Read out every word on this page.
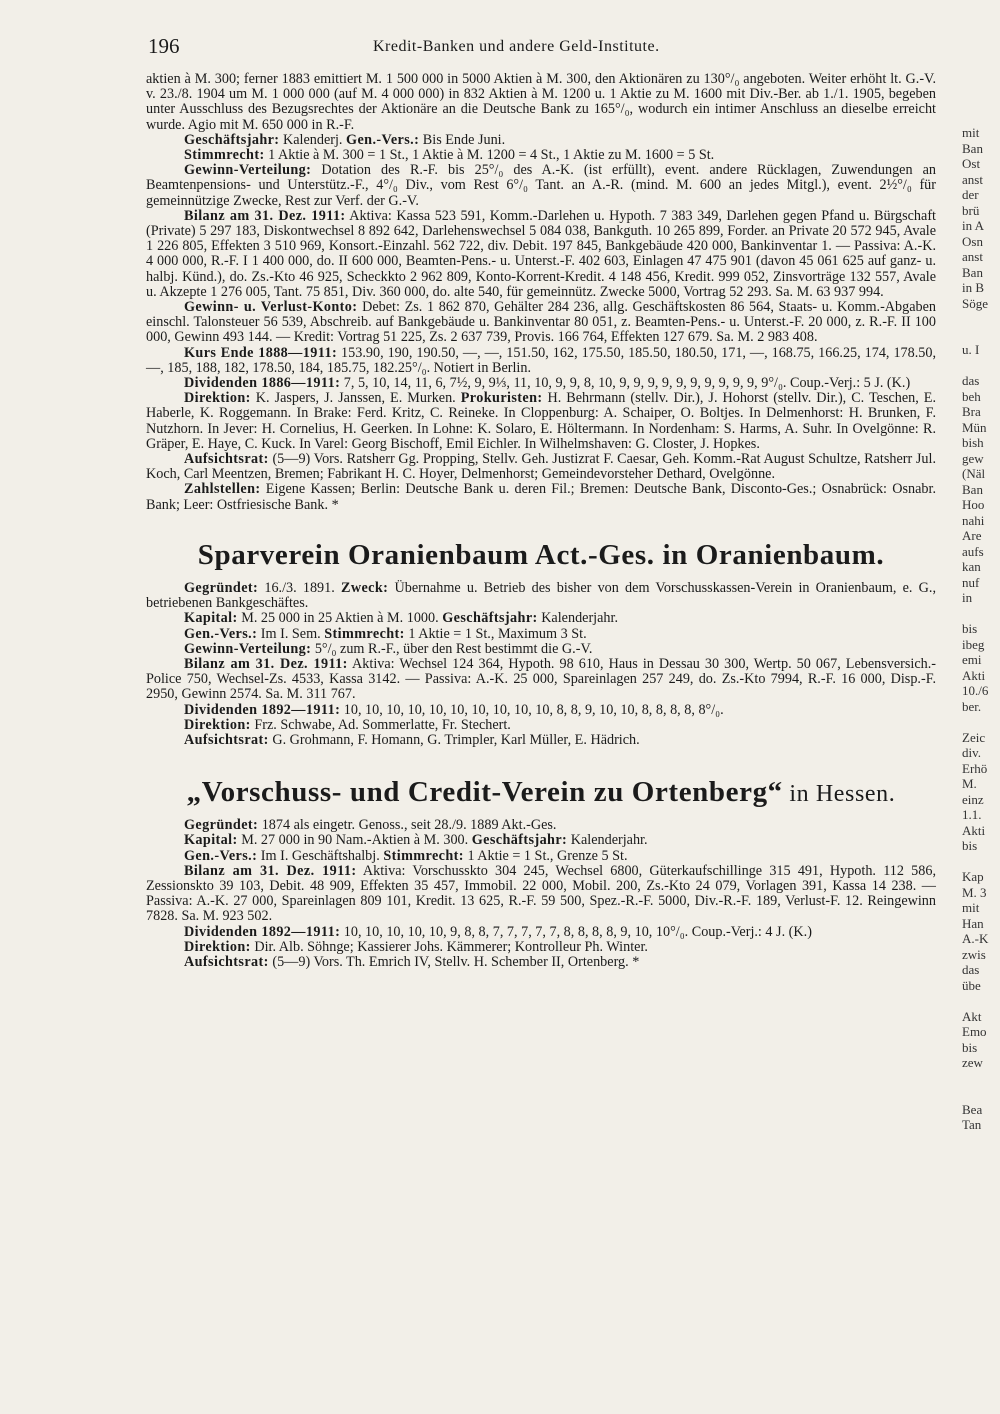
196	Kredit-Banken und andere Geld-Institute.

aktien à M. 300; ferner 1883 emittiert M. 1 500 000 in 5000 Aktien à M. 300, den Aktionären zu 130°/₀ angeboten. Weiter erhöht lt. G.-V. v. 23./8. 1904 um M. 1 000 000 (auf M. 4 000 000) in 832 Aktien à M. 1200 u. 1 Aktie zu M. 1600 mit Div.-Ber. ab 1./1. 1905, begeben unter Ausschluss des Bezugsrechtes der Aktionäre an die Deutsche Bank zu 165°/₀, wodurch ein intimer Anschluss an dieselbe erreicht wurde. Agio mit M. 650 000 in R.-F.

Geschäftsjahr: Kalenderj. Gen.-Vers.: Bis Ende Juni.

Stimmrecht: 1 Aktie à M. 300 = 1 St., 1 Aktie à M. 1200 = 4 St., 1 Aktie zu M. 1600 = 5 St.

Gewinn-Verteilung: Dotation des R.-F. bis 25°/₀ des A.-K. (ist erfüllt), event. andere Rücklagen, Zuwendungen an Beamtenpensions- und Unterstütz.-F., 4°/₀ Div., vom Rest 6°/₀ Tant. an A.-R. (mind. M. 600 an jedes Mitgl.), event. 2½°/₀ für gemeinnützige Zwecke, Rest zur Verf. der G.-V.

Bilanz am 31. Dez. 1911: Aktiva: Kassa 523 591, Komm.-Darlehen u. Hypoth. 7 383 349, Darlehen gegen Pfand u. Bürgschaft (Private) 5 297 183, Diskontwechsel 8 892 642, Darlehenswechsel 5 084 038, Bankguth. 10 265 899, Forder. an Private 20 572 945, Avale 1 226 805, Effekten 3 510 969, Konsort.-Einzahl. 562 722, div. Debit. 197 845, Bankgebäude 420 000, Bankinventar 1. — Passiva: A.-K. 4 000 000, R.-F. I 1 400 000, do. II 600 000, Beamten-Pens.- u. Unterst.-F. 402 603, Einlagen 47 475 901 (davon 45 061 625 auf ganz- u. halbj. Künd.), do. Zs.-Kto 46 925, Scheckkto 2 962 809, Konto-Korrent-Kredit. 4 148 456, Kredit. 999 052, Zinsvorträge 132 557, Avale u. Akzepte 1 276 005, Tant. 75 851, Div. 360 000, do. alte 540, für gemeinnütz. Zwecke 5000, Vortrag 52 293. Sa. M. 63 937 994.

Gewinn- u. Verlust-Konto: Debet: Zs. 1 862 870, Gehälter 284 236, allg. Geschäftskosten 86 564, Staats- u. Komm.-Abgaben einschl. Talonsteuer 56 539, Abschreib. auf Bankgebäude u. Bankinventar 80 051, z. Beamten-Pens.- u. Unterst.-F. 20 000, z. R.-F. II 100 000, Gewinn 493 144. — Kredit: Vortrag 51 225, Zs. 2 637 739, Provis. 166 764, Effekten 127 679. Sa. M. 2 983 408.

Kurs Ende 1888—1911: 153.90, 190, 190.50, —, —, 151.50, 162, 175.50, 185.50, 180.50, 171, —, 168.75, 166.25, 174, 178.50, —, 185, 188, 182, 178.50, 184, 185.75, 182.25°/₀. Notiert in Berlin.

Dividenden 1886—1911: 7, 5, 10, 14, 11, 6, 7½, 9, 9⅓, 11, 10, 9, 9, 8, 10, 9, 9, 9, 9, 9, 9, 9, 9, 9, 9, 9°/₀. Coup.-Verj.: 5 J. (K.)

Direktion: K. Jaspers, J. Janssen, E. Murken. Prokuristen: H. Behrmann (stellv. Dir.), J. Hohorst (stellv. Dir.), C. Teschen, E. Haberle, K. Roggemann. In Brake: Ferd. Kritz, C. Reineke. In Cloppenburg: A. Schaiper, O. Boltjes. In Delmenhorst: H. Brunken, F. Nutzhorn. In Jever: H. Cornelius, H. Geerken. In Lohne: K. Solaro, E. Höltermann. In Nordenham: S. Harms, A. Suhr. In Ovelgönne: R. Gräper, E. Haye, C. Kuck. In Varel: Georg Bischoff, Emil Eichler. In Wilhelmshaven: G. Closter, J. Hopkes.

Aufsichtsrat: (5—9) Vors. Ratsherr Gg. Propping, Stellv. Geh. Justizrat F. Caesar, Geh. Komm.-Rat August Schultze, Ratsherr Jul. Koch, Carl Meentzen, Bremen; Fabrikant H. C. Hoyer, Delmenhorst; Gemeindevorsteher Dethard, Ovelgönne.

Zahlstellen: Eigene Kassen; Berlin: Deutsche Bank u. deren Fil.; Bremen: Deutsche Bank, Disconto-Ges.; Osnabrück: Osnabr. Bank; Leer: Ostfriesische Bank. *

Sparverein Oranienbaum Act.-Ges. in Oranienbaum.

Gegründet: 16./3. 1891. Zweck: Übernahme u. Betrieb des bisher von dem Vorschusskassen-Verein in Oranienbaum, e. G., betriebenen Bankgeschäftes.

Kapital: M. 25 000 in 25 Aktien à M. 1000. Geschäftsjahr: Kalenderjahr.

Gen.-Vers.: Im I. Sem. Stimmrecht: 1 Aktie = 1 St., Maximum 3 St.

Gewinn-Verteilung: 5°/₀ zum R.-F., über den Rest bestimmt die G.-V.

Bilanz am 31. Dez. 1911: Aktiva: Wechsel 124 364, Hypoth. 98 610, Haus in Dessau 30 300, Wertp. 50 067, Lebensversich.-Police 750, Wechsel-Zs. 4533, Kassa 3142. — Passiva: A.-K. 25 000, Spareinlagen 257 249, do. Zs.-Kto 7994, R.-F. 16 000, Disp.-F. 2950, Gewinn 2574. Sa. M. 311 767.

Dividenden 1892—1911: 10, 10, 10, 10, 10, 10, 10, 10, 10, 10, 8, 8, 9, 10, 10, 8, 8, 8, 8, 8°/₀.

Direktion: Frz. Schwabe, Ad. Sommerlatte, Fr. Stechert.

Aufsichtsrat: G. Grohmann, F. Homann, G. Trimpler, Karl Müller, E. Hädrich.

„Vorschuss- und Credit-Verein zu Ortenberg“ in Hessen.

Gegründet: 1874 als eingetr. Genoss., seit 28./9. 1889 Akt.-Ges.

Kapital: M. 27 000 in 90 Nam.-Aktien à M. 300. Geschäftsjahr: Kalenderjahr.

Gen.-Vers.: Im I. Geschäftshalbj. Stimmrecht: 1 Aktie = 1 St., Grenze 5 St.

Bilanz am 31. Dez. 1911: Aktiva: Vorschusskto 304 245, Wechsel 6800, Güterkaufschillinge 315 491, Hypoth. 112 586, Zessionskto 39 103, Debit. 48 909, Effekten 35 457, Immobil. 22 000, Mobil. 200, Zs.-Kto 24 079, Vorlagen 391, Kassa 14 238. — Passiva: A.-K. 27 000, Spareinlagen 809 101, Kredit. 13 625, R.-F. 59 500, Spez.-R.-F. 5000, Div.-R.-F. 189, Verlust-F. 12. Reingewinn 7828. Sa. M. 923 502.

Dividenden 1892—1911: 10, 10, 10, 10, 10, 9, 8, 8, 7, 7, 7, 7, 7, 8, 8, 8, 8, 9, 10, 10°/₀. Coup.-Verj.: 4 J. (K.)

Direktion: Dir. Alb. Söhnge; Kassierer Johs. Kämmerer; Kontrolleur Ph. Winter.

Aufsichtsrat: (5—9) Vors. Th. Emrich IV, Stellv. H. Schember II, Ortenberg. *

mit
Ban
Ost
anst
der
brü
in A
Osn
anst
Ban
in B
Söge

u. I

das
beh
Bra
Mün
bish
gew
(Näl
Ban
Hoo
nahi
Are
aufs
kan
nuf
in

bis
ibeg
emi
Akti
10./6
ber.

Zeic
div.
Erhö
M.
einz
1.1.
Akti
bis

Kap
M. 3
mit
Han
A.-K
zwis
das
übe

Akt
Emo
bis
zew

Bea
Tan
